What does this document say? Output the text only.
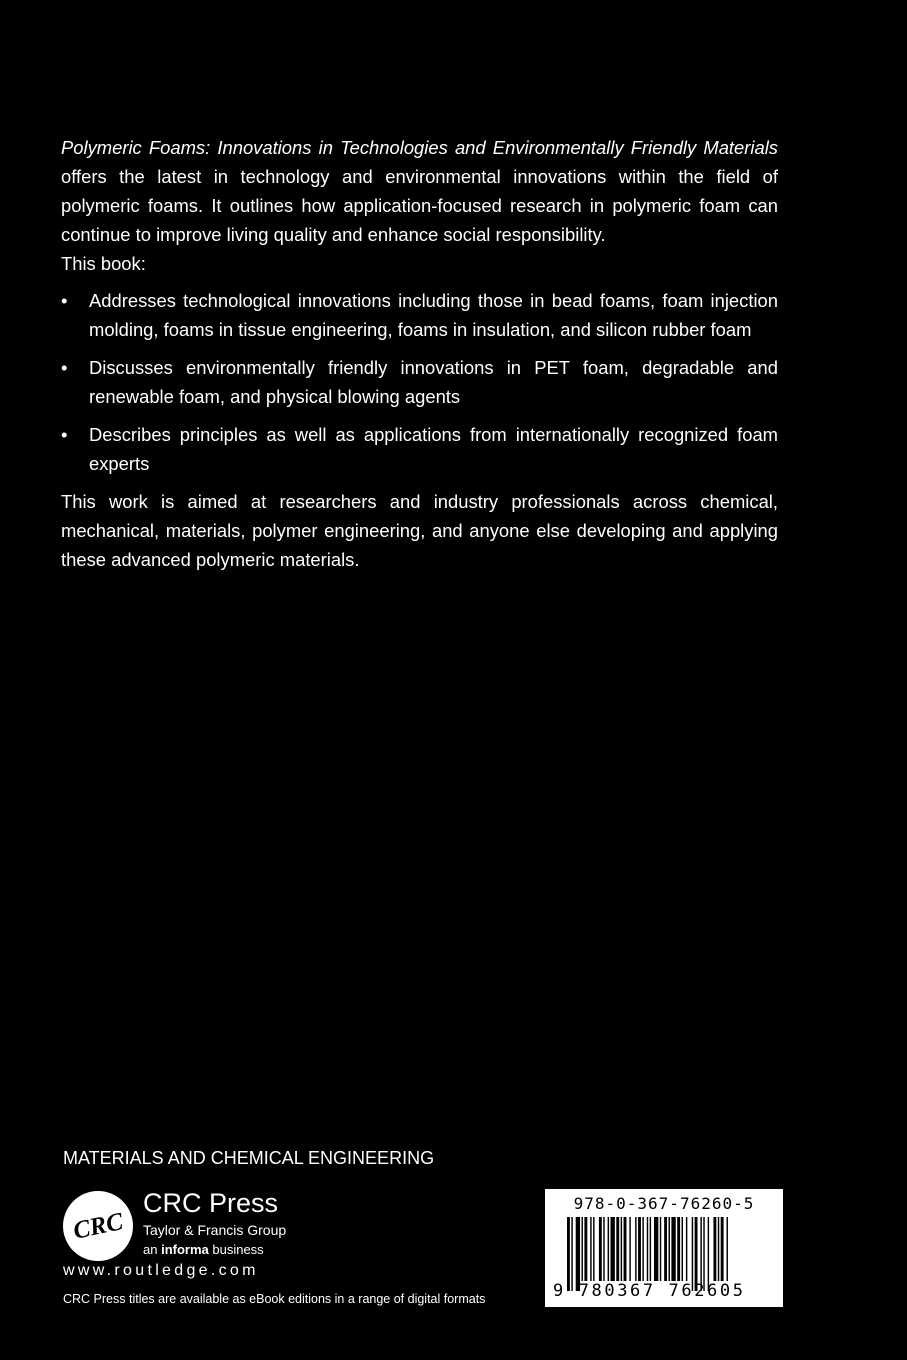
Polymeric Foams: Innovations in Technologies and Environmentally Friendly Materials offers the latest in technology and environmental innovations within the field of polymeric foams. It outlines how application-focused research in polymeric foam can continue to improve living quality and enhance social responsibility.

This book:

• Addresses technological innovations including those in bead foams, foam injection molding, foams in tissue engineering, foams in insulation, and silicon rubber foam
• Discusses environmentally friendly innovations in PET foam, degradable and renewable foam, and physical blowing agents
• Describes principles as well as applications from internationally recognized foam experts

This work is aimed at researchers and industry professionals across chemical, mechanical, materials, polymer engineering, and anyone else developing and applying these advanced polymeric materials.

MATERIALS AND CHEMICAL ENGINEERING
CRC
CRC Press
Taylor & Francis Group
an informa business
www.routledge.com
CRC Press titles are available as eBook editions in a range of digital formats
978-0-367-76260-5
9 780367 762605
